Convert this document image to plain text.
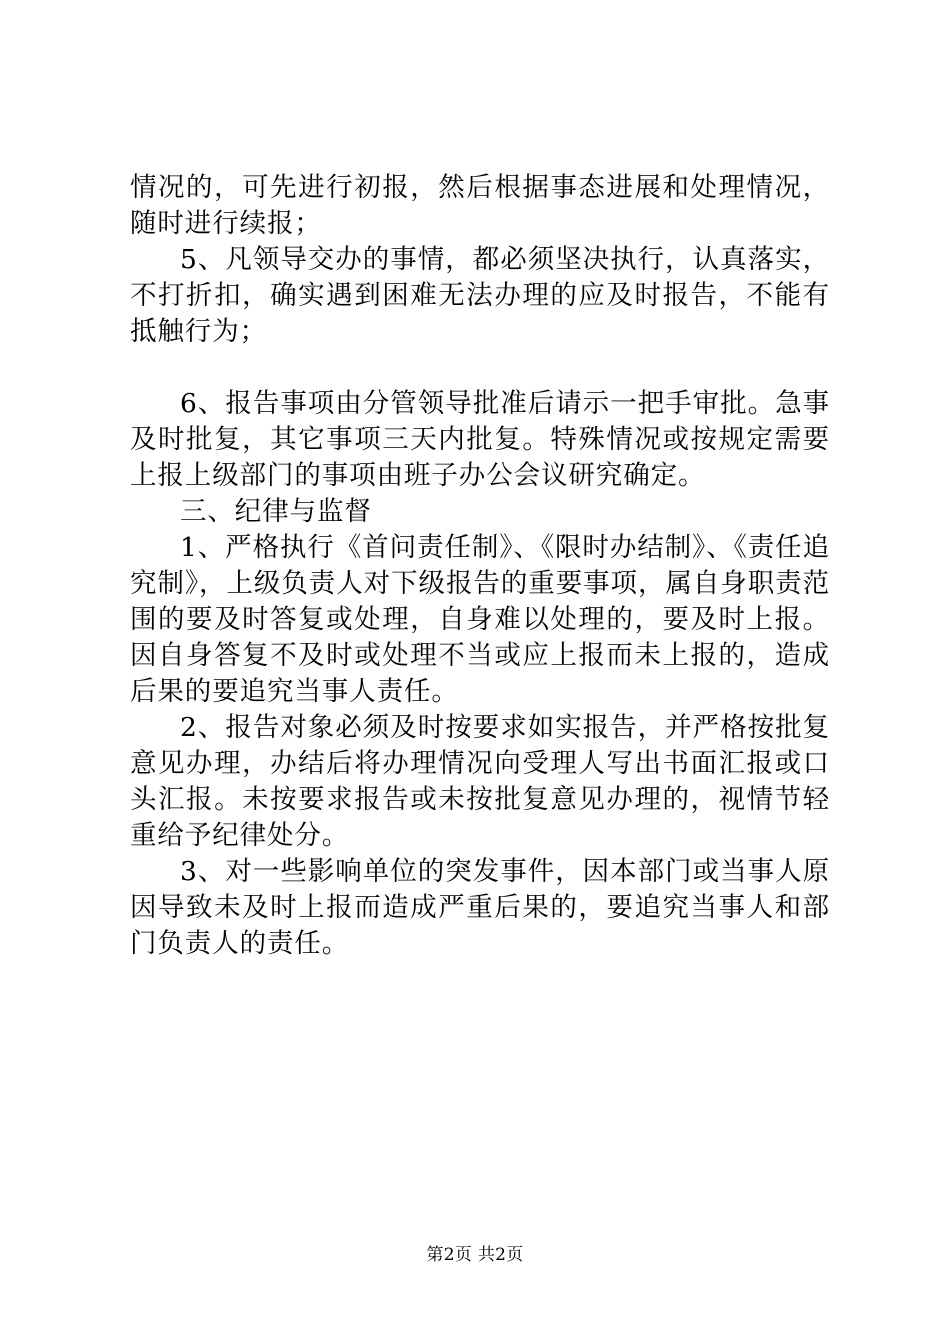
情况的，可先进行初报，然后根据事态进展和处理情况，随时进行续报；

5、凡领导交办的事情，都必须坚决执行，认真落实，不打折扣，确实遇到困难无法办理的应及时报告，不能有抵触行为；

6、报告事项由分管领导批准后请示一把手审批。急事及时批复，其它事项三天内批复。特殊情况或按规定需要上报上级部门的事项由班子办公会议研究确定。

三、纪律与监督

1、严格执行《首问责任制》、《限时办结制》、《责任追究制》，上级负责人对下级报告的重要事项，属自身职责范围的要及时答复或处理，自身难以处理的，要及时上报。因自身答复不及时或处理不当或应上报而未上报的，造成后果的要追究当事人责任。

2、报告对象必须及时按要求如实报告，并严格按批复意见办理，办结后将办理情况向受理人写出书面汇报或口头汇报。未按要求报告或未按批复意见办理的，视情节轻重给予纪律处分。

3、对一些影响单位的突发事件，因本部门或当事人原因导致未及时上报而造成严重后果的，要追究当事人和部门负责人的责任。

第2页 共2页
